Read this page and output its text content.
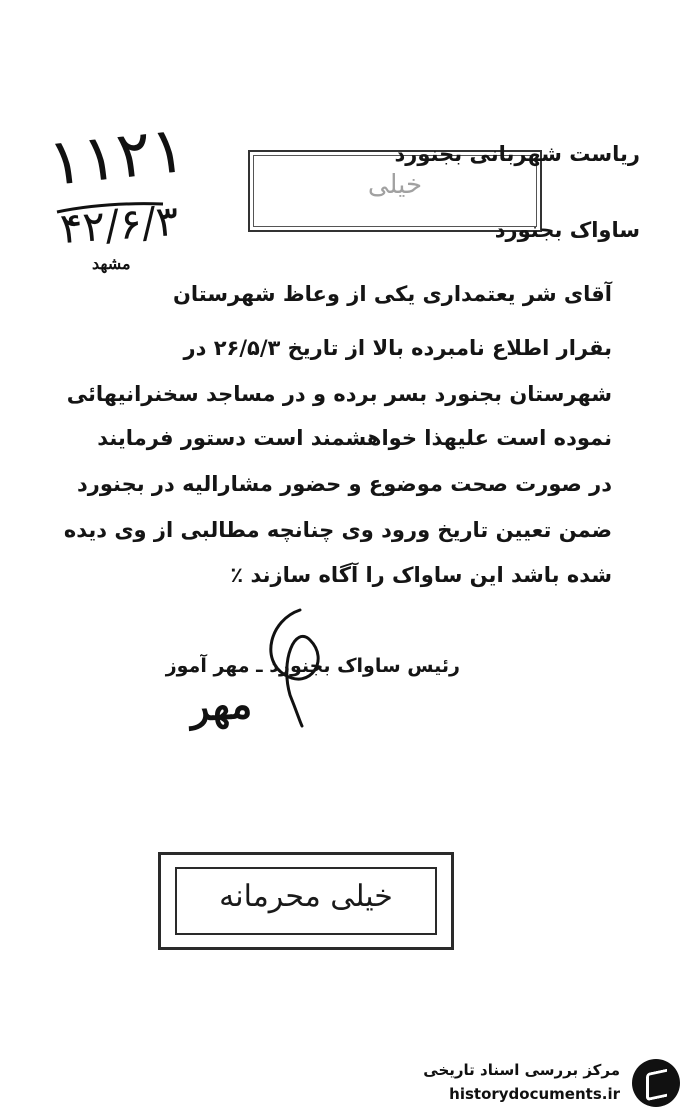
۱۱۲۱
۴۲/۶/۳
مشهد
خیلی
ریاست شهربانی بجنورد
ساواک بجنورد
آقای شر یعتمداری یکی از وعاظ شهرستان
بقرار اطلاع نامبرده بالا از تاریخ ۲۶/۵/۳ در
شهرستان بجنورد بسر برده و در مساجد سخنرانیهائی
نموده است علیهذا خواهشمند است دستور فرمایند
در صورت صحت موضوع و حضور مشارالیه در بجنورد
ضمن تعیین تاریخ ورود وی چنانچه مطالبی از وی دیده
شده باشد این ساواک را آگاه سازند ٪
رئیس ساواک بجنورد ـ مهر آموز
مهر
خیلی محرمانه
مرکز بررسی اسناد تاریخی
historydocuments.ir
